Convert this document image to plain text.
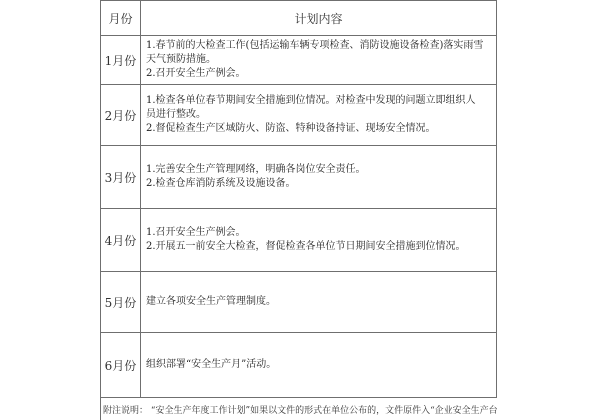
月份	计划内容
1月份	1.春节前的大检查工作(包括运输车辆专项检查、消防设施设备检查)落实雨雪天气预防措施。
2.召开安全生产例会。

2月份	1.检查各单位春节期间安全措施到位情况。对检查中发现的问题立即组织人    员进行整改。
2.督促检查生产区域防火、防盗、特种设备持证、现场安全情况。

3月份	1.完善安全生产管理网络，明确各岗位安全责任。
2.检查仓库消防系统及设施设备。

4月份	1.召开安全生产例会。
2.开展五一前安全大检查，督促检查各单位节日期间安全措施到位情况。

5月份	建立各项安全生产管理制度。

6月份	组织部署“安全生产月”活动。

附注说明： “安全生产年度工作计划”如果以文件的形式在单位公布的，文件原件入“企业安全生产台	
